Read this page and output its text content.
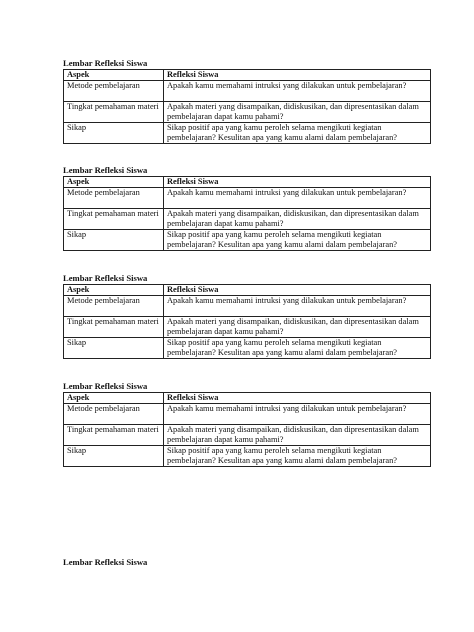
Lembar Refleksi Siswa
Aspek	Refleksi Siswa
Metode pembelajaran	Apakah kamu memahami intruksi yang dilakukan untuk pembelajaran?
Tingkat pemahaman materi	Apakah materi yang disampaikan, didiskusikan, dan dipresentasikan dalam pembelajaran dapat kamu pahami?
Sikap	Sikap positif apa yang kamu peroleh selama mengikuti kegiatan pembelajaran? Kesulitan apa yang kamu alami dalam pembelajaran?
Lembar Refleksi Siswa
Aspek	Refleksi Siswa
Metode pembelajaran	Apakah kamu memahami intruksi yang dilakukan untuk pembelajaran?
Tingkat pemahaman materi	Apakah materi yang disampaikan, didiskusikan, dan dipresentasikan dalam pembelajaran dapat kamu pahami?
Sikap	Sikap positif apa yang kamu peroleh selama mengikuti kegiatan pembelajaran? Kesulitan apa yang kamu alami dalam pembelajaran?
Lembar Refleksi Siswa
Aspek	Refleksi Siswa
Metode pembelajaran	Apakah kamu memahami intruksi yang dilakukan untuk pembelajaran?
Tingkat pemahaman materi	Apakah materi yang disampaikan, didiskusikan, dan dipresentasikan dalam pembelajaran dapat kamu pahami?
Sikap	Sikap positif apa yang kamu peroleh selama mengikuti kegiatan pembelajaran? Kesulitan apa yang kamu alami dalam pembelajaran?
Lembar Refleksi Siswa
Aspek	Refleksi Siswa
Metode pembelajaran	Apakah kamu memahami intruksi yang dilakukan untuk pembelajaran?
Tingkat pemahaman materi	Apakah materi yang disampaikan, didiskusikan, dan dipresentasikan dalam pembelajaran dapat kamu pahami?
Sikap	Sikap positif apa yang kamu peroleh selama mengikuti kegiatan pembelajaran? Kesulitan apa yang kamu alami dalam pembelajaran?
Lembar Refleksi Siswa
